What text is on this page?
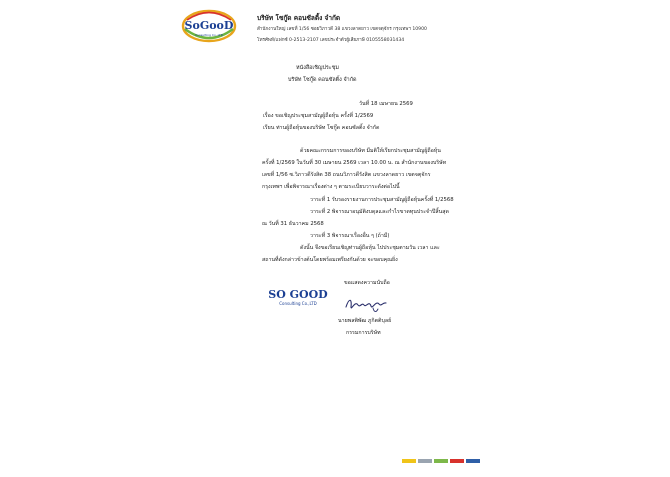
SoGooD
Consulting Co.,LTD
บริษัท โซกู๊ด คอนซัลติ้ง จำกัด
สำนักงานใหญ่ เลขที่ 1/56 ซอยวิภาวดี 38 แขวงลาดยาว เขตจตุจักร กรุงเทพฯ 10900
โทรศัพท์/แฟกซ์ 0-2513-2107 เลขประจำตัวผู้เสียภาษี 0105558031434
หนังสือเชิญประชุม
บริษัท โซกู๊ด คอนซัลติ้ง จำกัด
วันที่ 18 เมษายน 2569
เรื่อง ขอเชิญประชุมสามัญผู้ถือหุ้น ครั้งที่ 1/2569
เรียน ท่านผู้ถือหุ้นของบริษัท โซกู๊ด คอนซัลติ้ง จำกัด
ด้วยคณะกรรมการของบริษัท มีมติให้เรียกประชุมสามัญผู้ถือหุ้น
ครั้งที่ 1/2569 ในวันที่ 30 เมษายน 2569 เวลา 10.00 น. ณ สำนักงานของบริษัท
เลขที่ 1/56 ซ.วิภาวดีรังสิต 38 ถนนวิภาวดีรังสิต แขวงลาดยาว เขตจตุจักร
กรุงเทพฯ เพื่อพิจารณาเรื่องต่าง ๆ ตามระเบียบวาระดังต่อไปนี้
วาระที่ 1 รับรองรายงานการประชุมสามัญผู้ถือหุ้นครั้งที่ 1/2568
วาระที่ 2 พิจารณาอนุมัติงบดุลและกำไรขาดทุนประจำปีสิ้นสุด
ณ วันที่ 31 ธันวาคม 2568
วาระที่ 3 พิจารณาเรื่องอื่น ๆ (ถ้ามี)
ดังนั้น จึงขอเรียนเชิญท่านผู้ถือหุ้น ไปประชุมตามวัน เวลา และ
สถานที่ดังกล่าวข้างต้นโดยพร้อมเพรียงกันด้วย จะขอบคุณยิ่ง
ขอแสดงความนับถือ
SO GOOD
Consulting Co.,LTD
นายพลพิพัฒ ภูกิตติบุลย์
กรรมการบริษัท
